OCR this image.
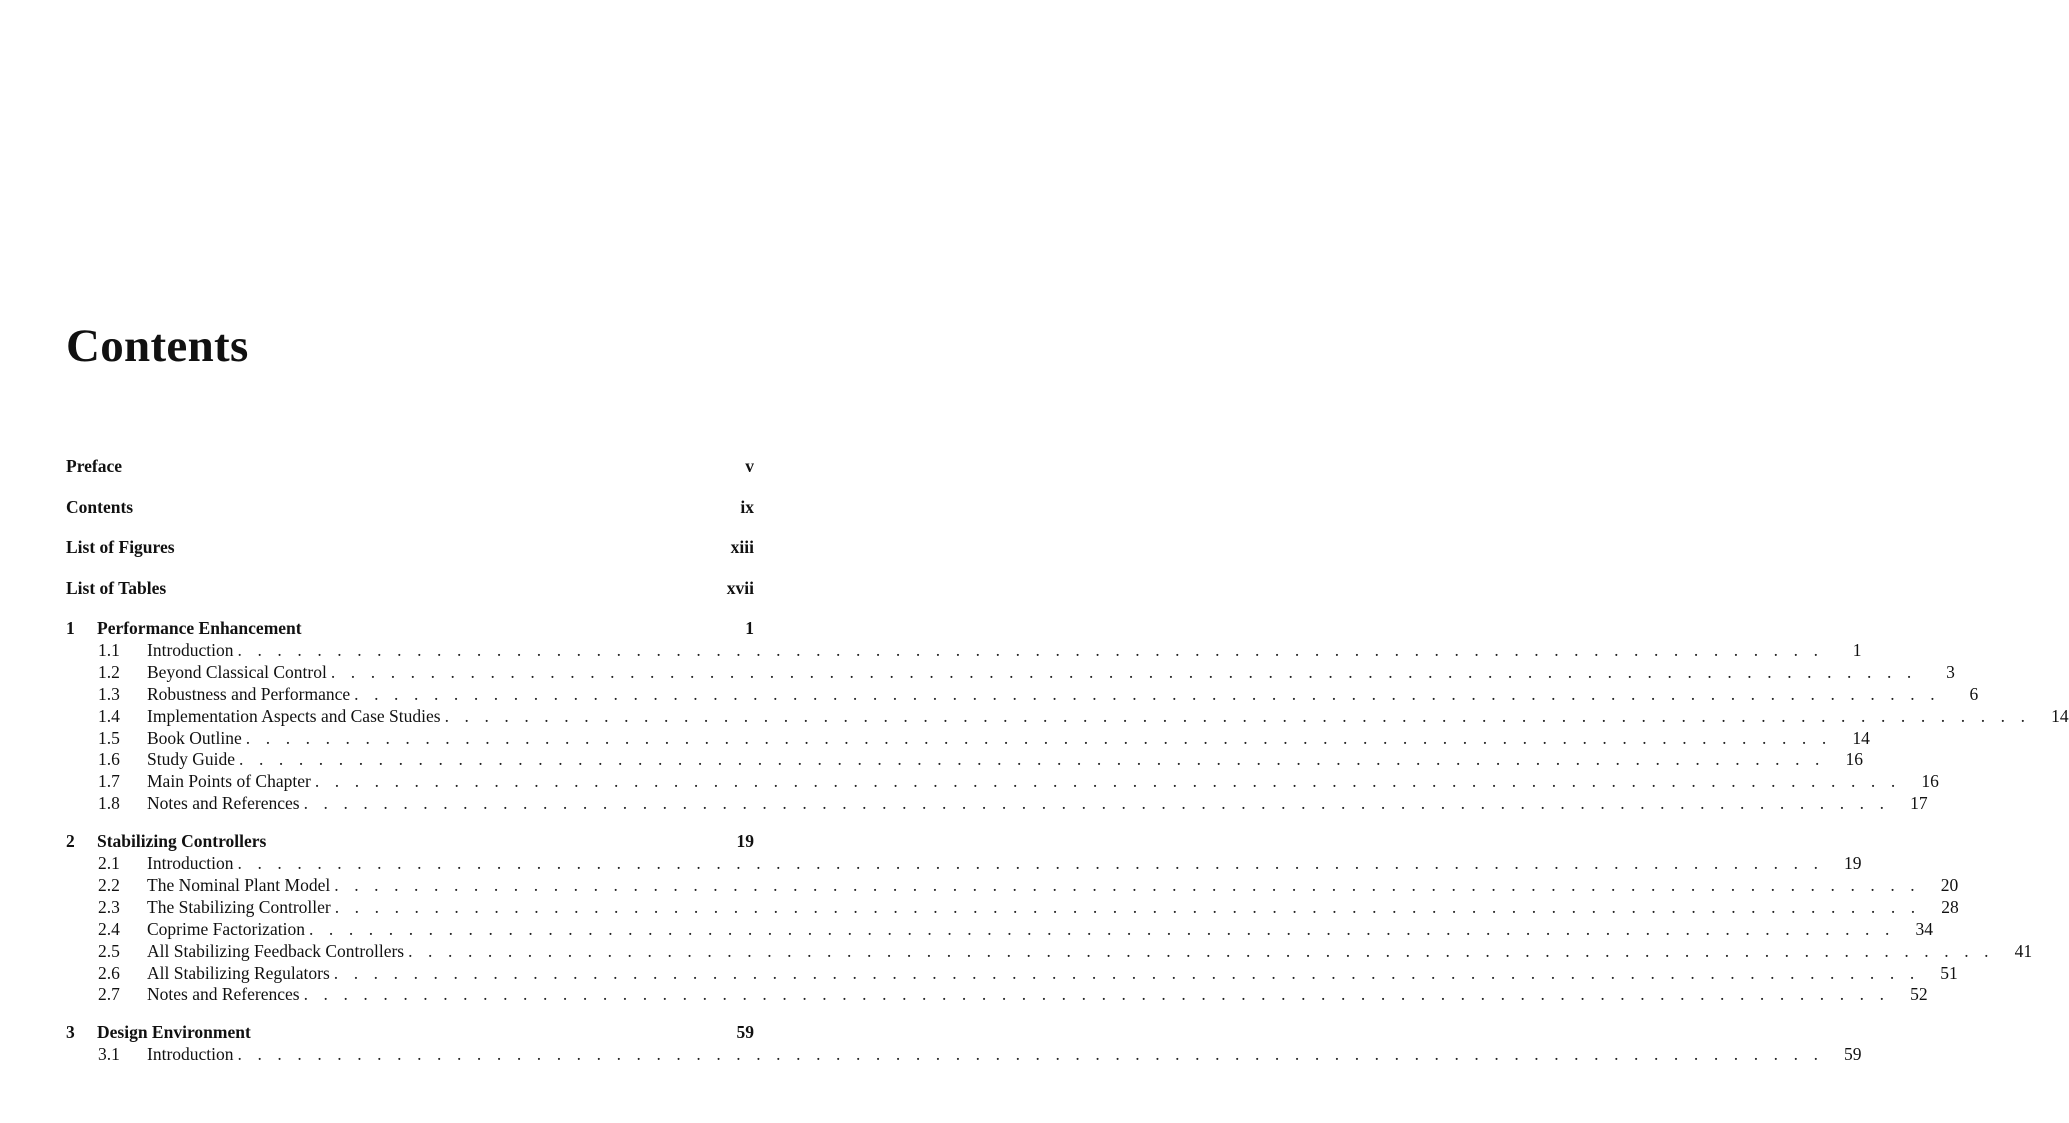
Contents
Preface	v
Contents	ix
List of Figures	xiii
List of Tables	xvii
1	Performance Enhancement	1
1.1	Introduction . . . . . . . . . . . . . . . . . . . . . . . . . . . . . . . . . . . . . . . . . . . . . . . . . . . . . . . . . . . . . . . . . . . . . . . . . . . . . . . .	1
1.2	Beyond Classical Control . . . . . . . . . . . . . . . . . . . . . . . . . . . . . . . . . . . . . . . . . . . . . . . . . . . . . . . . . . . . . . . . . . . . . . . . . . . . . . . .	3
1.3	Robustness and Performance . . . . . . . . . . . . . . . . . . . . . . . . . . . . . . . . . . . . . . . . . . . . . . . . . . . . . . . . . . . . . . . . . . . . . . . . . . . . . . . .	6
1.4	Implementation Aspects and Case Studies . . . . . . . . . . . . . . . . . . . . . . . . . . . . . . . . . . . . . . . . . . . . . . . . . . . . . . . . . . . . . . . . . . . . . . . . . . . . . . . .	14
1.5	Book Outline . . . . . . . . . . . . . . . . . . . . . . . . . . . . . . . . . . . . . . . . . . . . . . . . . . . . . . . . . . . . . . . . . . . . . . . . . . . . . . . .	14
1.6	Study Guide . . . . . . . . . . . . . . . . . . . . . . . . . . . . . . . . . . . . . . . . . . . . . . . . . . . . . . . . . . . . . . . . . . . . . . . . . . . . . . . .	16
1.7	Main Points of Chapter . . . . . . . . . . . . . . . . . . . . . . . . . . . . . . . . . . . . . . . . . . . . . . . . . . . . . . . . . . . . . . . . . . . . . . . . . . . . . . . .	16
1.8	Notes and References . . . . . . . . . . . . . . . . . . . . . . . . . . . . . . . . . . . . . . . . . . . . . . . . . . . . . . . . . . . . . . . . . . . . . . . . . . . . . . . .	17
2	Stabilizing Controllers	19
2.1	Introduction . . . . . . . . . . . . . . . . . . . . . . . . . . . . . . . . . . . . . . . . . . . . . . . . . . . . . . . . . . . . . . . . . . . . . . . . . . . . . . . .	19
2.2	The Nominal Plant Model . . . . . . . . . . . . . . . . . . . . . . . . . . . . . . . . . . . . . . . . . . . . . . . . . . . . . . . . . . . . . . . . . . . . . . . . . . . . . . . .	20
2.3	The Stabilizing Controller . . . . . . . . . . . . . . . . . . . . . . . . . . . . . . . . . . . . . . . . . . . . . . . . . . . . . . . . . . . . . . . . . . . . . . . . . . . . . . . .	28
2.4	Coprime Factorization . . . . . . . . . . . . . . . . . . . . . . . . . . . . . . . . . . . . . . . . . . . . . . . . . . . . . . . . . . . . . . . . . . . . . . . . . . . . . . . .	34
2.5	All Stabilizing Feedback Controllers . . . . . . . . . . . . . . . . . . . . . . . . . . . . . . . . . . . . . . . . . . . . . . . . . . . . . . . . . . . . . . . . . . . . . . . . . . . . . . . .	41
2.6	All Stabilizing Regulators . . . . . . . . . . . . . . . . . . . . . . . . . . . . . . . . . . . . . . . . . . . . . . . . . . . . . . . . . . . . . . . . . . . . . . . . . . . . . . . .	51
2.7	Notes and References . . . . . . . . . . . . . . . . . . . . . . . . . . . . . . . . . . . . . . . . . . . . . . . . . . . . . . . . . . . . . . . . . . . . . . . . . . . . . . . .	52
3	Design Environment	59
3.1	Introduction . . . . . . . . . . . . . . . . . . . . . . . . . . . . . . . . . . . . . . . . . . . . . . . . . . . . . . . . . . . . . . . . . . . . . . . . . . . . . . . .	59
